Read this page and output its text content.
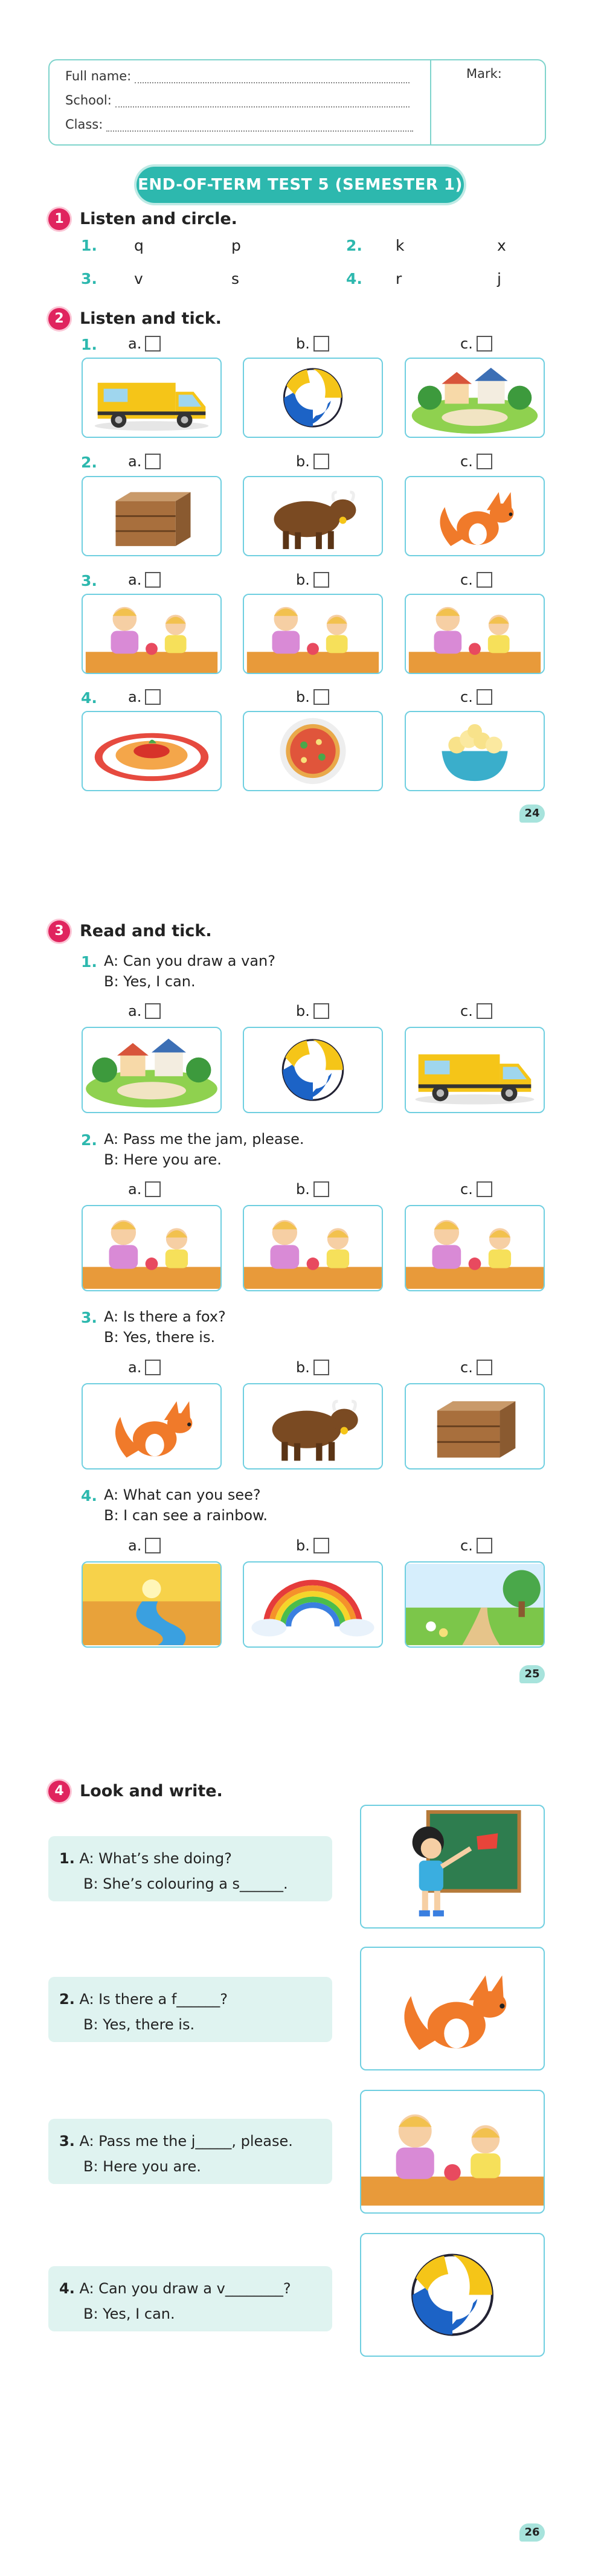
Full name:
School:
Class:
Mark:
END-OF-TERM TEST 5 (SEMESTER 1)
1 Listen and circle.
1. q	p	2. k	x
3. v	s	4. r	j
2 Listen and tick.
1. a.	b.	c.
2. a.	b.	c.
3. a.	b.	c.
4. a.	b.	c.
24
3 Read and tick.
1. A: Can you draw a van?
B: Yes, I can.
a.	b.	c.
2. A: Pass me the jam, please.
B: Here you are.
a.	b.	c.
3. A: Is there a fox?
B: Yes, there is.
a.	b.	c.
4. A: What can you see?
B: I can see a rainbow.
a.	b.	c.
25
4 Look and write.
1. A: What’s she doing?
B: She’s colouring a s______.
2. A: Is there a f______?
B: Yes, there is.
3. A: Pass me the j_____, please.
B: Here you are.
4. A: Can you draw a v________?
B: Yes, I can.
26
